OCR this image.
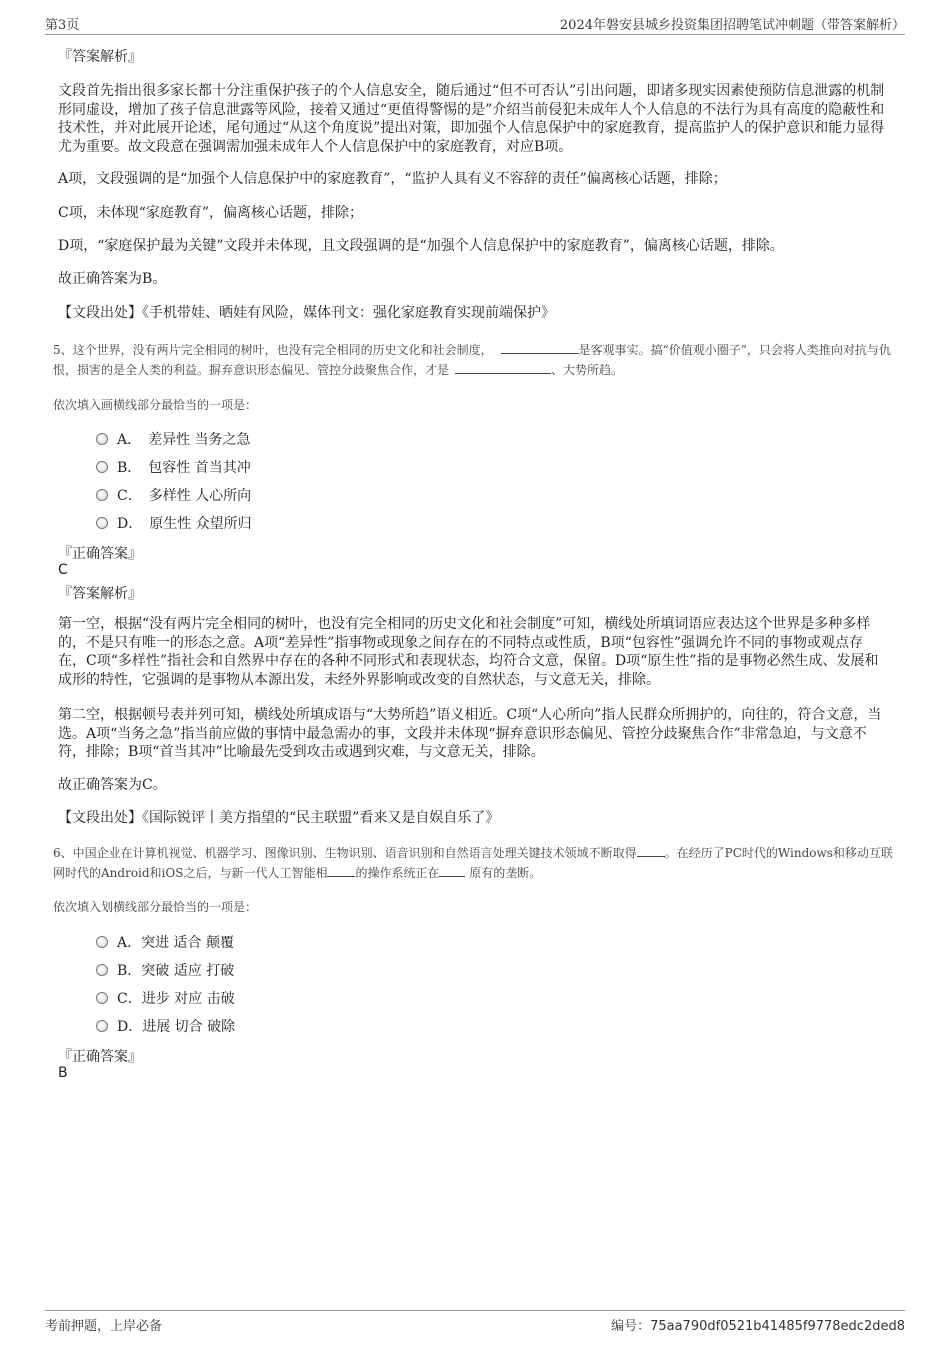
第3页	2024年磐安县城乡投资集团招聘笔试冲刺题（带答案解析）
『答案解析』
文段首先指出很多家长都十分注重保护孩子的个人信息安全，随后通过“但不可否认”引出问题，即诸多现实因素使预防信息泄露的机制形同虚设，增加了孩子信息泄露等风险，接着又通过“更值得警惕的是”介绍当前侵犯未成年人个人信息的不法行为具有高度的隐蔽性和技术性，并对此展开论述，尾句通过“从这个角度说”提出对策，即加强个人信息保护中的家庭教育，提高监护人的保护意识和能力显得尤为重要。故文段意在强调需加强未成年人个人信息保护中的家庭教育，对应B项。
A项，文段强调的是“加强个人信息保护中的家庭教育”，“监护人具有义不容辞的责任”偏离核心话题，排除；
C项，未体现“家庭教育”，偏离核心话题，排除；
D项，“家庭保护最为关键”文段并未体现，且文段强调的是“加强个人信息保护中的家庭教育”，偏离核心话题，排除。
故正确答案为B。
【文段出处】《手机带娃、晒娃有风险，媒体刊文：强化家庭教育实现前端保护》
5、这个世界，没有两片完全相同的树叶，也没有完全相同的历史文化和社会制度，	是客观事实。搞“价值观小圈子”，只会将人类推向对抗与仇恨，损害的是全人类的利益。摒弃意识形态偏见、管控分歧聚焦合作，才是	、大势所趋。
依次填入画横线部分最恰当的一项是：
A．　差异性 当务之急
B．　包容性 首当其冲
C．　多样性 人心所向
D．　原生性 众望所归
『正确答案』
C
『答案解析』
第一空，根据“没有两片完全相同的树叶，也没有完全相同的历史文化和社会制度”可知，横线处所填词语应表达这个世界是多种多样的，不是只有唯一的形态之意。A项“差异性”指事物或现象之间存在的不同特点或性质，B项“包容性”强调允许不同的事物或观点存在，C项“多样性”指社会和自然界中存在的各种不同形式和表现状态，均符合文意，保留。D项“原生性”指的是事物必然生成、发展和成形的特性，它强调的是事物从本源出发，未经外界影响或改变的自然状态，与文意无关，排除。
第二空，根据顿号表并列可知，横线处所填成语与“大势所趋”语义相近。C项“人心所向”指人民群众所拥护的，向往的，符合文意，当选。A项“当务之急”指当前应做的事情中最急需办的事，文段并未体现“摒弃意识形态偏见、管控分歧聚焦合作”非常急迫，与文意不符，排除；B项“首当其冲”比喻最先受到攻击或遇到灾难，与文意无关，排除。
故正确答案为C。
【文段出处】《国际锐评丨美方指望的“民主联盟”看来又是自娱自乐了》
6、中国企业在计算机视觉、机器学习、图像识别、生物识别、语音识别和自然语言处理关键技术领域不断取得 。在经历了PC时代的Windows和移动互联网时代的Android和iOS之后，与新一代人工智能相 的操作系统正在 原有的垄断。
依次填入划横线部分最恰当的一项是：
A．突进 适合 颠覆
B．突破 适应 打破
C．进步 对应 击破
D．进展 切合 破除
『正确答案』
B
考前押题，上岸必备	编号：75aa790df0521b41485f9778edc2ded8
